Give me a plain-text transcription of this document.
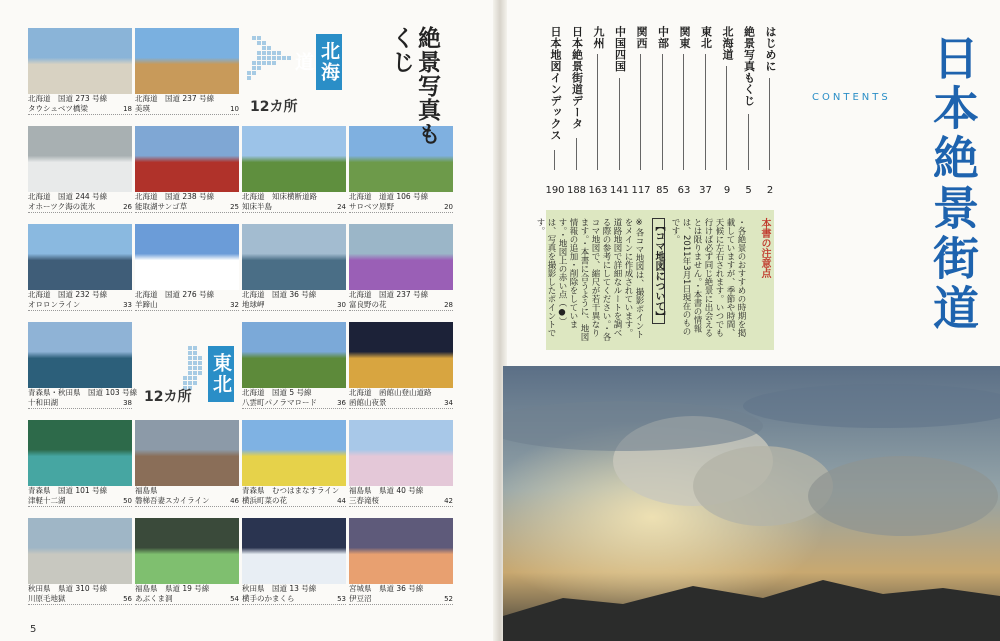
北海道　国道 273 号線
タウシュベツ橋梁	18
北海道　国道 237 号線
美瑛	10
北海道　国道 244 号線
オホーツク海の流氷	26
北海道　国道 238 号線
能取湖サンゴ草	25
北海道　知床横断道路
知床半島	24
北海道　道道 106 号線
サロベツ原野	20
北海道　国道 232 号線
オロロンライン	33
北海道　国道 276 号線
羊蹄山	32
北海道　国道 36 号線
地球岬	30
北海道　国道 237 号線
富良野の花	28
青森県・秋田県　国道 103 号線
十和田湖	38
北海道　国道 5 号線
八雲町パノラマロード	36
北海道　函館山登山道路
函館山夜景	34
青森県　国道 101 号線
津軽十二湖	50
福島県
磐梯吾妻スカイライン	46
青森県　むつはまなすライン
横浜町菜の花	44
福島県　県道 40 号線
三春滝桜	42
秋田県　県道 310 号線
川原毛地獄	56
福島県　県道 19 号線
あぶくま洞	54
秋田県　国道 13 号線
横手のかまくら	53
宮城県　県道 36 号線
伊豆沼	52
北海道
12カ所
東北
12カ所
絶景写真もくじ
5
はじめに
2
絶景写真もくじ
5
北海道
9
東北
37
関東
63
中部
85
関西
117
中国四国
141
九州
163
日本絶景街道データ
188
日本地図インデックス
190
CONTENTS 日本絶景街道
本書の注意点
・各絶景のおすすめの時期を掲載していますが、季節や時間、天候に左右されます。いつでも行けば必ず同じ絶景に出会えるとは限りません。・本書の情報は、2011年3月1日現在のものです。
【コマ地図について】
※各コマ地図は、撮影ポイントをメインに作成されています。道路地図で詳細なルートを調べる際の参考にしてください。・各コマ地図で、縮尺が若干異なります。・本書に合うように、地図情報の追加・削除をしています。・地図上の赤い点（●）は、写真を撮影したポイントです。
